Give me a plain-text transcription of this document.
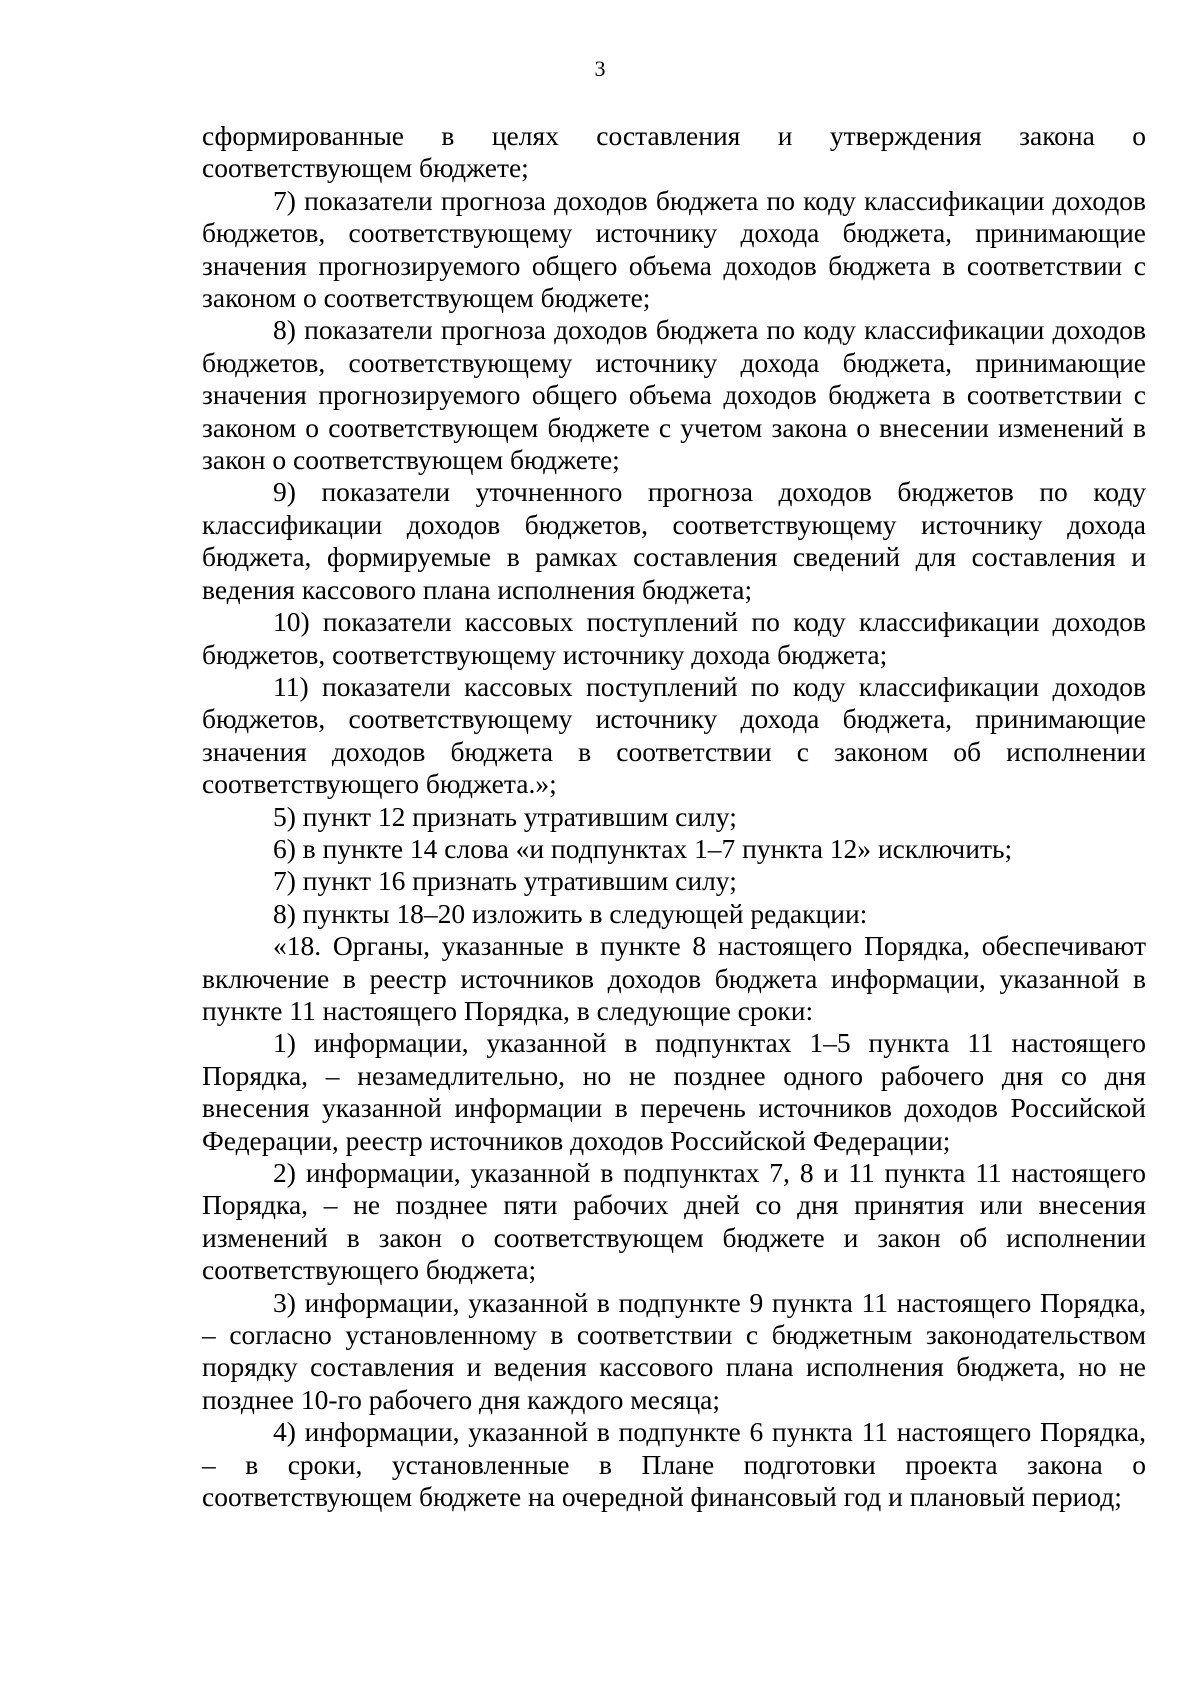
3

сформированные в целях составления и утверждения закона о соответствующем бюджете;

7) показатели прогноза доходов бюджета по коду классификации доходов бюджетов, соответствующему источнику дохода бюджета, принимающие значения прогнозируемого общего объема доходов бюджета в соответствии с законом о соответствующем бюджете;

8) показатели прогноза доходов бюджета по коду классификации доходов бюджетов, соответствующему источнику дохода бюджета, принимающие значения прогнозируемого общего объема доходов бюджета в соответствии с законом о соответствующем бюджете с учетом закона о внесении изменений в закон о соответствующем бюджете;

9) показатели уточненного прогноза доходов бюджетов по коду классификации доходов бюджетов, соответствующему источнику дохода бюджета, формируемые в рамках составления сведений для составления и ведения кассового плана исполнения бюджета;

10) показатели кассовых поступлений по коду классификации доходов бюджетов, соответствующему источнику дохода бюджета;

11) показатели кассовых поступлений по коду классификации доходов бюджетов, соответствующему источнику дохода бюджета, принимающие значения доходов бюджета в соответствии с законом об исполнении соответствующего бюджета.»;

5) пункт 12 признать утратившим силу;

6) в пункте 14 слова «и подпунктах 1–7 пункта 12» исключить;

7) пункт 16 признать утратившим силу;

8) пункты 18–20 изложить в следующей редакции:

«18. Органы, указанные в пункте 8 настоящего Порядка, обеспечивают включение в реестр источников доходов бюджета информации, указанной в пункте 11 настоящего Порядка, в следующие сроки:

1) информации, указанной в подпунктах 1–5 пункта 11 настоящего Порядка, – незамедлительно, но не позднее одного рабочего дня со дня внесения указанной информации в перечень источников доходов Российской Федерации, реестр источников доходов Российской Федерации;

2) информации, указанной в подпунктах 7, 8 и 11 пункта 11 настоящего Порядка, – не позднее пяти рабочих дней со дня принятия или внесения изменений в закон о соответствующем бюджете и закон об исполнении соответствующего бюджета;

3) информации, указанной в подпункте 9 пункта 11 настоящего Порядка, – согласно установленному в соответствии с бюджетным законодательством порядку составления и ведения кассового плана исполнения бюджета, но не позднее 10-го рабочего дня каждого месяца;

4) информации, указанной в подпункте 6 пункта 11 настоящего Порядка, – в сроки, установленные в Плане подготовки проекта закона о соответствующем бюджете на очередной финансовый год и плановый период;
